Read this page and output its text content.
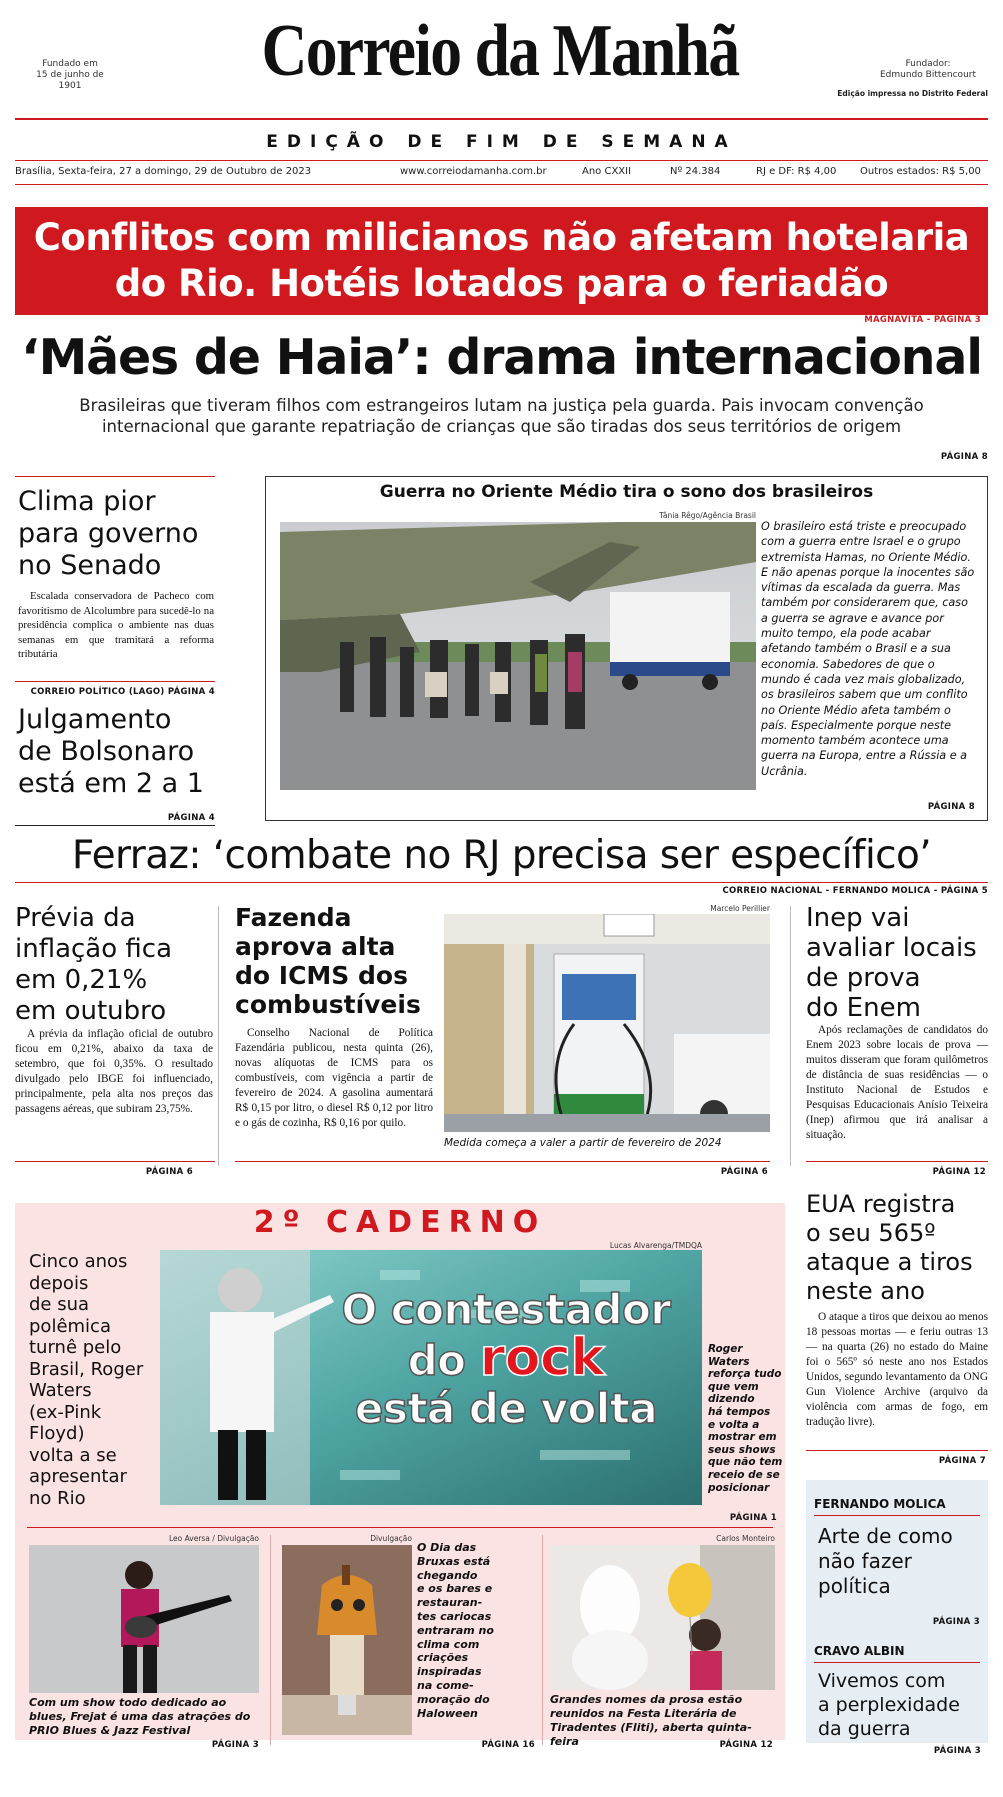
Fundado em
15 de junho de 1901	Correio da Manhã	Fundador:
Edmundo Bittencourt
Edição impressa no Distrito Federal
EDIÇÃO DE FIM DE SEMANA
Brasília, Sexta-feira, 27 a domingo, 29 de Outubro de 2023	www.correiodamanha.com.br	Ano CXXII	Nº 24.384	RJ e DF: R$ 4,00 Outros estados: R$ 5,00
Conflitos com milicianos não afetam hotelaria
do Rio. Hotéis lotados para o feriadão
MAGNAVITA - PÁGINA 3
‘Mães de Haia’: drama internacional
Brasileiras que tiveram filhos com estrangeiros lutam na justiça pela guarda. Pais invocam convenção
internacional que garante repatriação de crianças que são tiradas dos seus territórios de origem
PÁGINA 8
Clima pior
para governo
no Senado

Escalada conservadora de Pacheco com favoritismo de Alcolumbre para sucedê-lo na presidência complica o ambiente nas duas semanas em que tramitará a reforma tributária

CORREIO POLÍTICO (LAGO) PÁGINA 4
Julgamento
de Bolsonaro
está em 2 a 1
PÁGINA 4
Guerra no Oriente Médio tira o sono dos brasileiros
Tânia Rêgo/Agência Brasil
O brasileiro está triste e preocupado com a guerra entre Israel e o grupo extremista Hamas, no Oriente Médio. E não apenas porque la inocentes são vítimas da escalada da guerra. Mas também por considerarem que, caso a guerra se agrave e avance por muito tempo, ela pode acabar afetando também o Brasil e a sua economia. Sabedores de que o mundo é cada vez mais globalizado, os brasileiros sabem que um conflito no Oriente Médio afeta também o país. Especialmente porque neste momento também acontece uma guerra na Europa, entre a Rússia e a Ucrânia.
PÁGINA 8
Ferraz: ‘combate no RJ precisa ser específico’
CORREIO NACIONAL - FERNANDO MOLICA - PÁGINA 5
Prévia da
inflação fica
em 0,21%
em outubro

A prévia da inflação oficial de outubro ficou em 0,21%, abaixo da taxa de setembro, que foi 0,35%. O resultado divulgado pelo IBGE foi influenciado, principalmente, pela alta nos preços das passagens aéreas, que subiram 23,75%.

PÁGINA 6
Fazenda
aprova alta
do ICMS dos
combustíveis

Conselho Nacional de Política Fazendária publicou, nesta quinta (26), novas alíquotas de ICMS para os combustíveis, com vigência a partir de fevereiro de 2024. A gasolina aumentará R$ 0,15 por litro, o diesel R$ 0,12 por litro e o gás de cozinha, R$ 0,16 por quilo.

Marcelo Perillier
Medida começa a valer a partir de fevereiro de 2024
PÁGINA 6
Inep vai
avaliar locais
de prova
do Enem

Após reclamações de candidatos do Enem 2023 sobre locais de prova — muitos disseram que foram quilômetros de distância de suas residências — o Instituto Nacional de Estudos e Pesquisas Educacionais Anísio Teixeira (Inep) afirmou que irá analisar a situação.

PÁGINA 12
2º CADERNO
Lucas Alvarenga/TMDQA
Cinco anos
depois
de sua
polêmica
turnê pelo
Brasil, Roger
Waters
(ex-Pink
Floyd)
volta a se
apresentar
no Rio
O contestador
do rock
está de volta
Roger
Waters
reforça tudo
que vem
dizendo
há tempos
e volta a
mostrar em
seus shows
que não tem
receio de se
posicionar
PÁGINA 1
Leo Aversa / Divulgação
Com um show todo dedicado ao blues, Frejat é uma das atrações do PRIO Blues & Jazz Festival
PÁGINA 3
Divulgação
O Dia das
Bruxas está
chegando
e os bares e
restauran-
tes cariocas
entraram no
clima com
criações
inspiradas
na come-
moração do
Haloween
PÁGINA 16
Carlos Monteiro
Grandes nomes da prosa estão reunidos na Festa Literária de Tiradentes (Fliti), aberta quinta-feira	PÁGINA 12
EUA registra
o seu 565º
ataque a tiros
neste ano

O ataque a tiros que deixou ao menos 18 pessoas mortas — e feriu outras 13 — na quarta (26) no estado do Maine foi o 565º só neste ano nos Estados Unidos, segundo levantamento da ONG Gun Violence Archive (arquivo da violência com armas de fogo, em tradução livre).

PÁGINA 7
FERNANDO MOLICA
Arte de como
não fazer
política
PÁGINA 3
CRAVO ALBIN
Vivemos com
a perplexidade
da guerra
PÁGINA 3
